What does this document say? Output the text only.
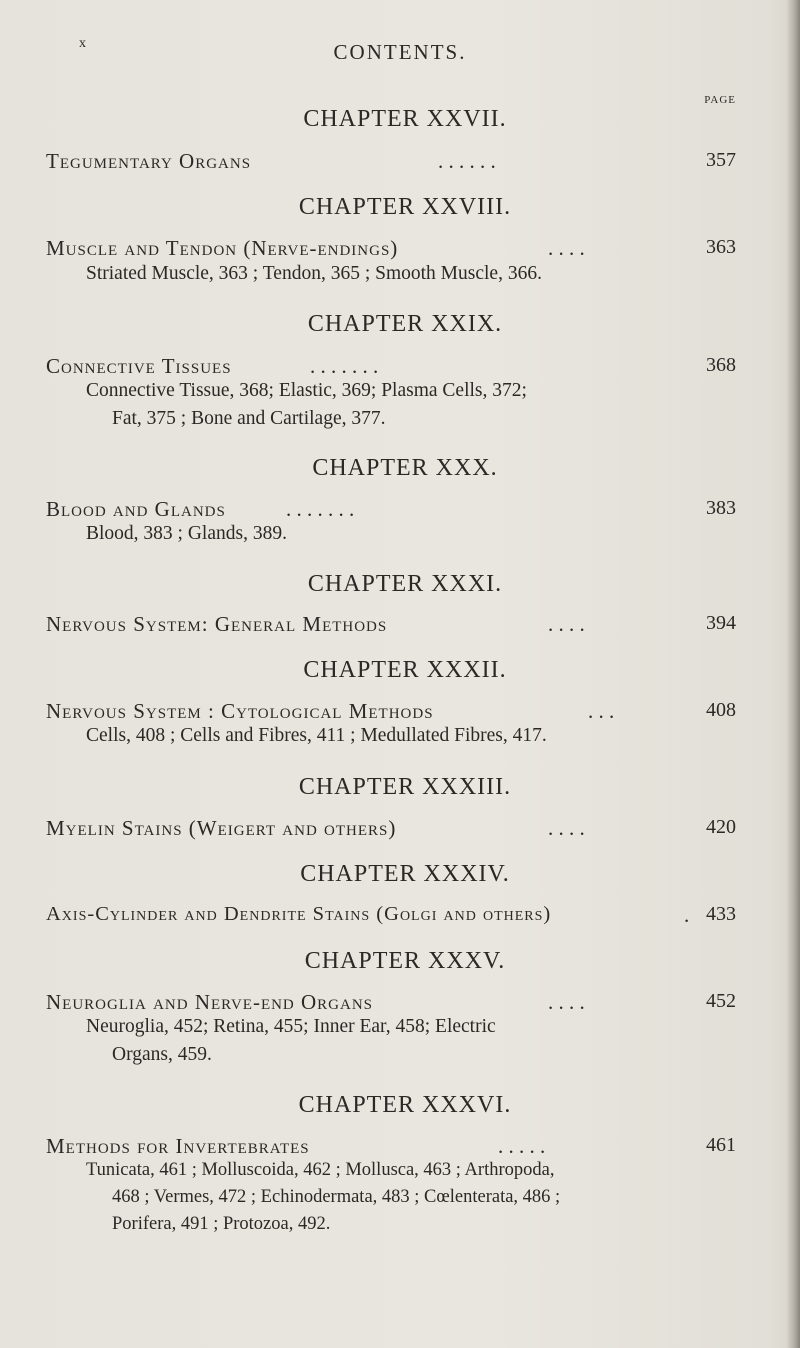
x	CONTENTS.
PAGE
CHAPTER XXVII.
Tegumentary Organs	. . . . . .	357
CHAPTER XXVIII.
Muscle and Tendon (Nerve-endings)	. . . .	363
Striated Muscle, 363 ; Tendon, 365 ; Smooth Muscle, 366.
CHAPTER XXIX.
Connective Tissues	. . . . . . .	368
Connective Tissue, 368; Elastic, 369; Plasma Cells, 372;
Fat, 375 ; Bone and Cartilage, 377.
CHAPTER XXX.
Blood and Glands	. . . . . . .	383
Blood, 383 ; Glands, 389.
CHAPTER XXXI.
Nervous System: General Methods	. . . .	394
CHAPTER XXXII.
Nervous System : Cytological Methods	. . .	408
Cells, 408 ; Cells and Fibres, 411 ; Medullated Fibres, 417.
CHAPTER XXXIII.
Myelin Stains (Weigert and others)	. . . .	420
CHAPTER XXXIV.
Axis-Cylinder and Dendrite Stains (Golgi and others)	. 433
CHAPTER XXXV.
Neuroglia and Nerve-end Organs	. . . .	452
Neuroglia, 452; Retina, 455; Inner Ear, 458; Electric
Organs, 459.
CHAPTER XXXVI.
Methods for Invertebrates	. . . . .	461
Tunicata, 461 ; Molluscoida, 462 ; Mollusca, 463 ; Arthropoda,
468 ; Vermes, 472 ; Echinodermata, 483 ; Cœlenterata, 486 ;
Porifera, 491 ; Protozoa, 492.
